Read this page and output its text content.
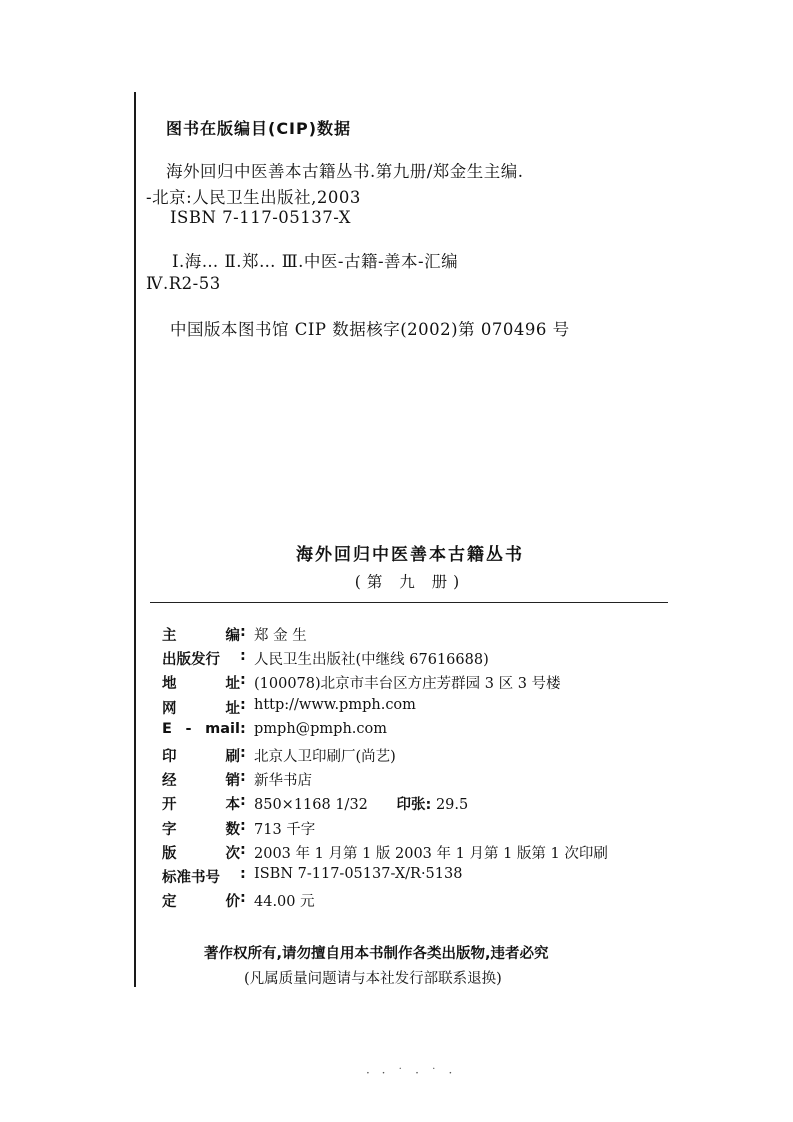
图书在版编目(CIP)数据
海外回归中医善本古籍丛书.第九册/郑金生主编.
-北京:人民卫生出版社,2003
ISBN 7-117-05137-X
Ⅰ.海… Ⅱ.郑… Ⅲ.中医-古籍-善本-汇编
Ⅳ.R2-53
中国版本图书馆 CIP 数据核字(2002)第 070496 号
海外回归中医善本古籍丛书
(第 九 册)
主	编 : 郑 金 生
出版发行 : 人民卫生出版社(中继线 67616688)
地	址 : (100078)北京市丰台区方庄芳群园 3 区 3 号楼
网	址 : http://www.pmph.com
E - mail : pmph@pmph.com
印	刷 : 北京人卫印刷厂(尚艺)
经	销 : 新华书店
开	本 : 850×1168 1/32 印张: 29.5
字	数 : 713 千字
版	次 : 2003 年 1 月第 1 版 2003 年 1 月第 1 版第 1 次印刷
标准书号 : ISBN 7-117-05137-X/R·5138
定	价 : 44.00 元
著作权所有,请勿擅自用本书制作各类出版物,违者必究
(凡属质量问题请与本社发行部联系退换)
· · ˙ · ˙ ·
